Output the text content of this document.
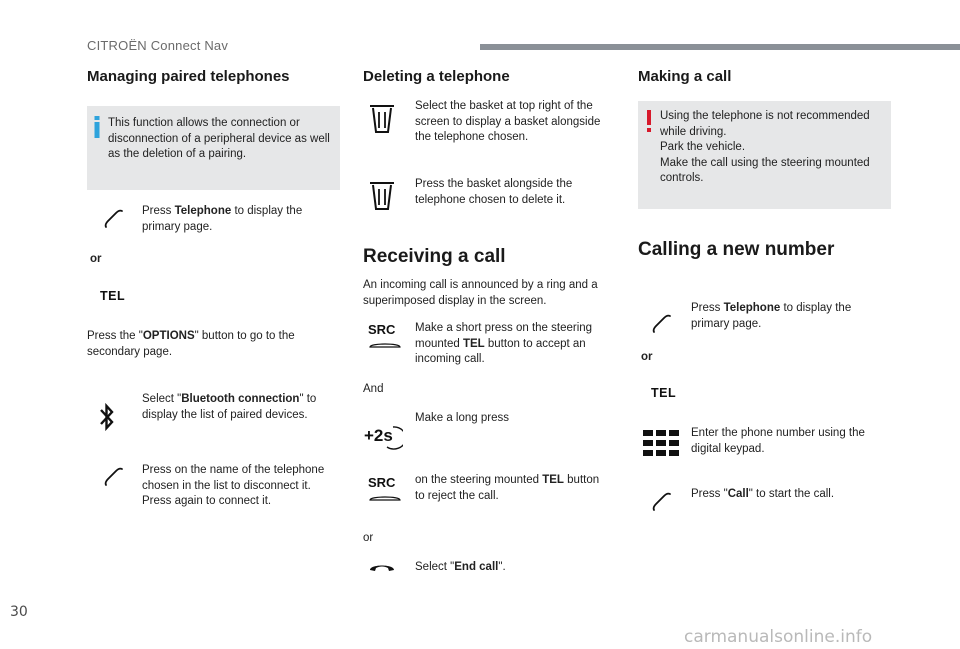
CITROËN Connect Nav
Managing paired telephones
This function allows the connection or disconnection of a peripheral device as well as the deletion of a pairing.
Press Telephone to display the primary page.
or
TEL
Press the "OPTIONS" button to go to the secondary page.
Select "Bluetooth connection" to display the list of paired devices.
Press on the name of the telephone chosen in the list to disconnect it. Press again to connect it.
Deleting a telephone
Select the basket at top right of the screen to display a basket alongside the telephone chosen.
Press the basket alongside the telephone chosen to delete it.
Receiving a call
An incoming call is announced by a ring and a superimposed display in the screen.
SRC	Make a short press on the steering mounted TEL button to accept an incoming call.
And
Make a long press
+2s
SRC	on the steering mounted TEL button to reject the call.
or
Select "End call".
Making a call
Using the telephone is not recommended while driving.
Park the vehicle.
Make the call using the steering mounted controls.
Calling a new number
Press Telephone to display the primary page.
or
TEL
Enter the phone number using the digital keypad.
Press "Call" to start the call.
30
carmanualsonline.info
